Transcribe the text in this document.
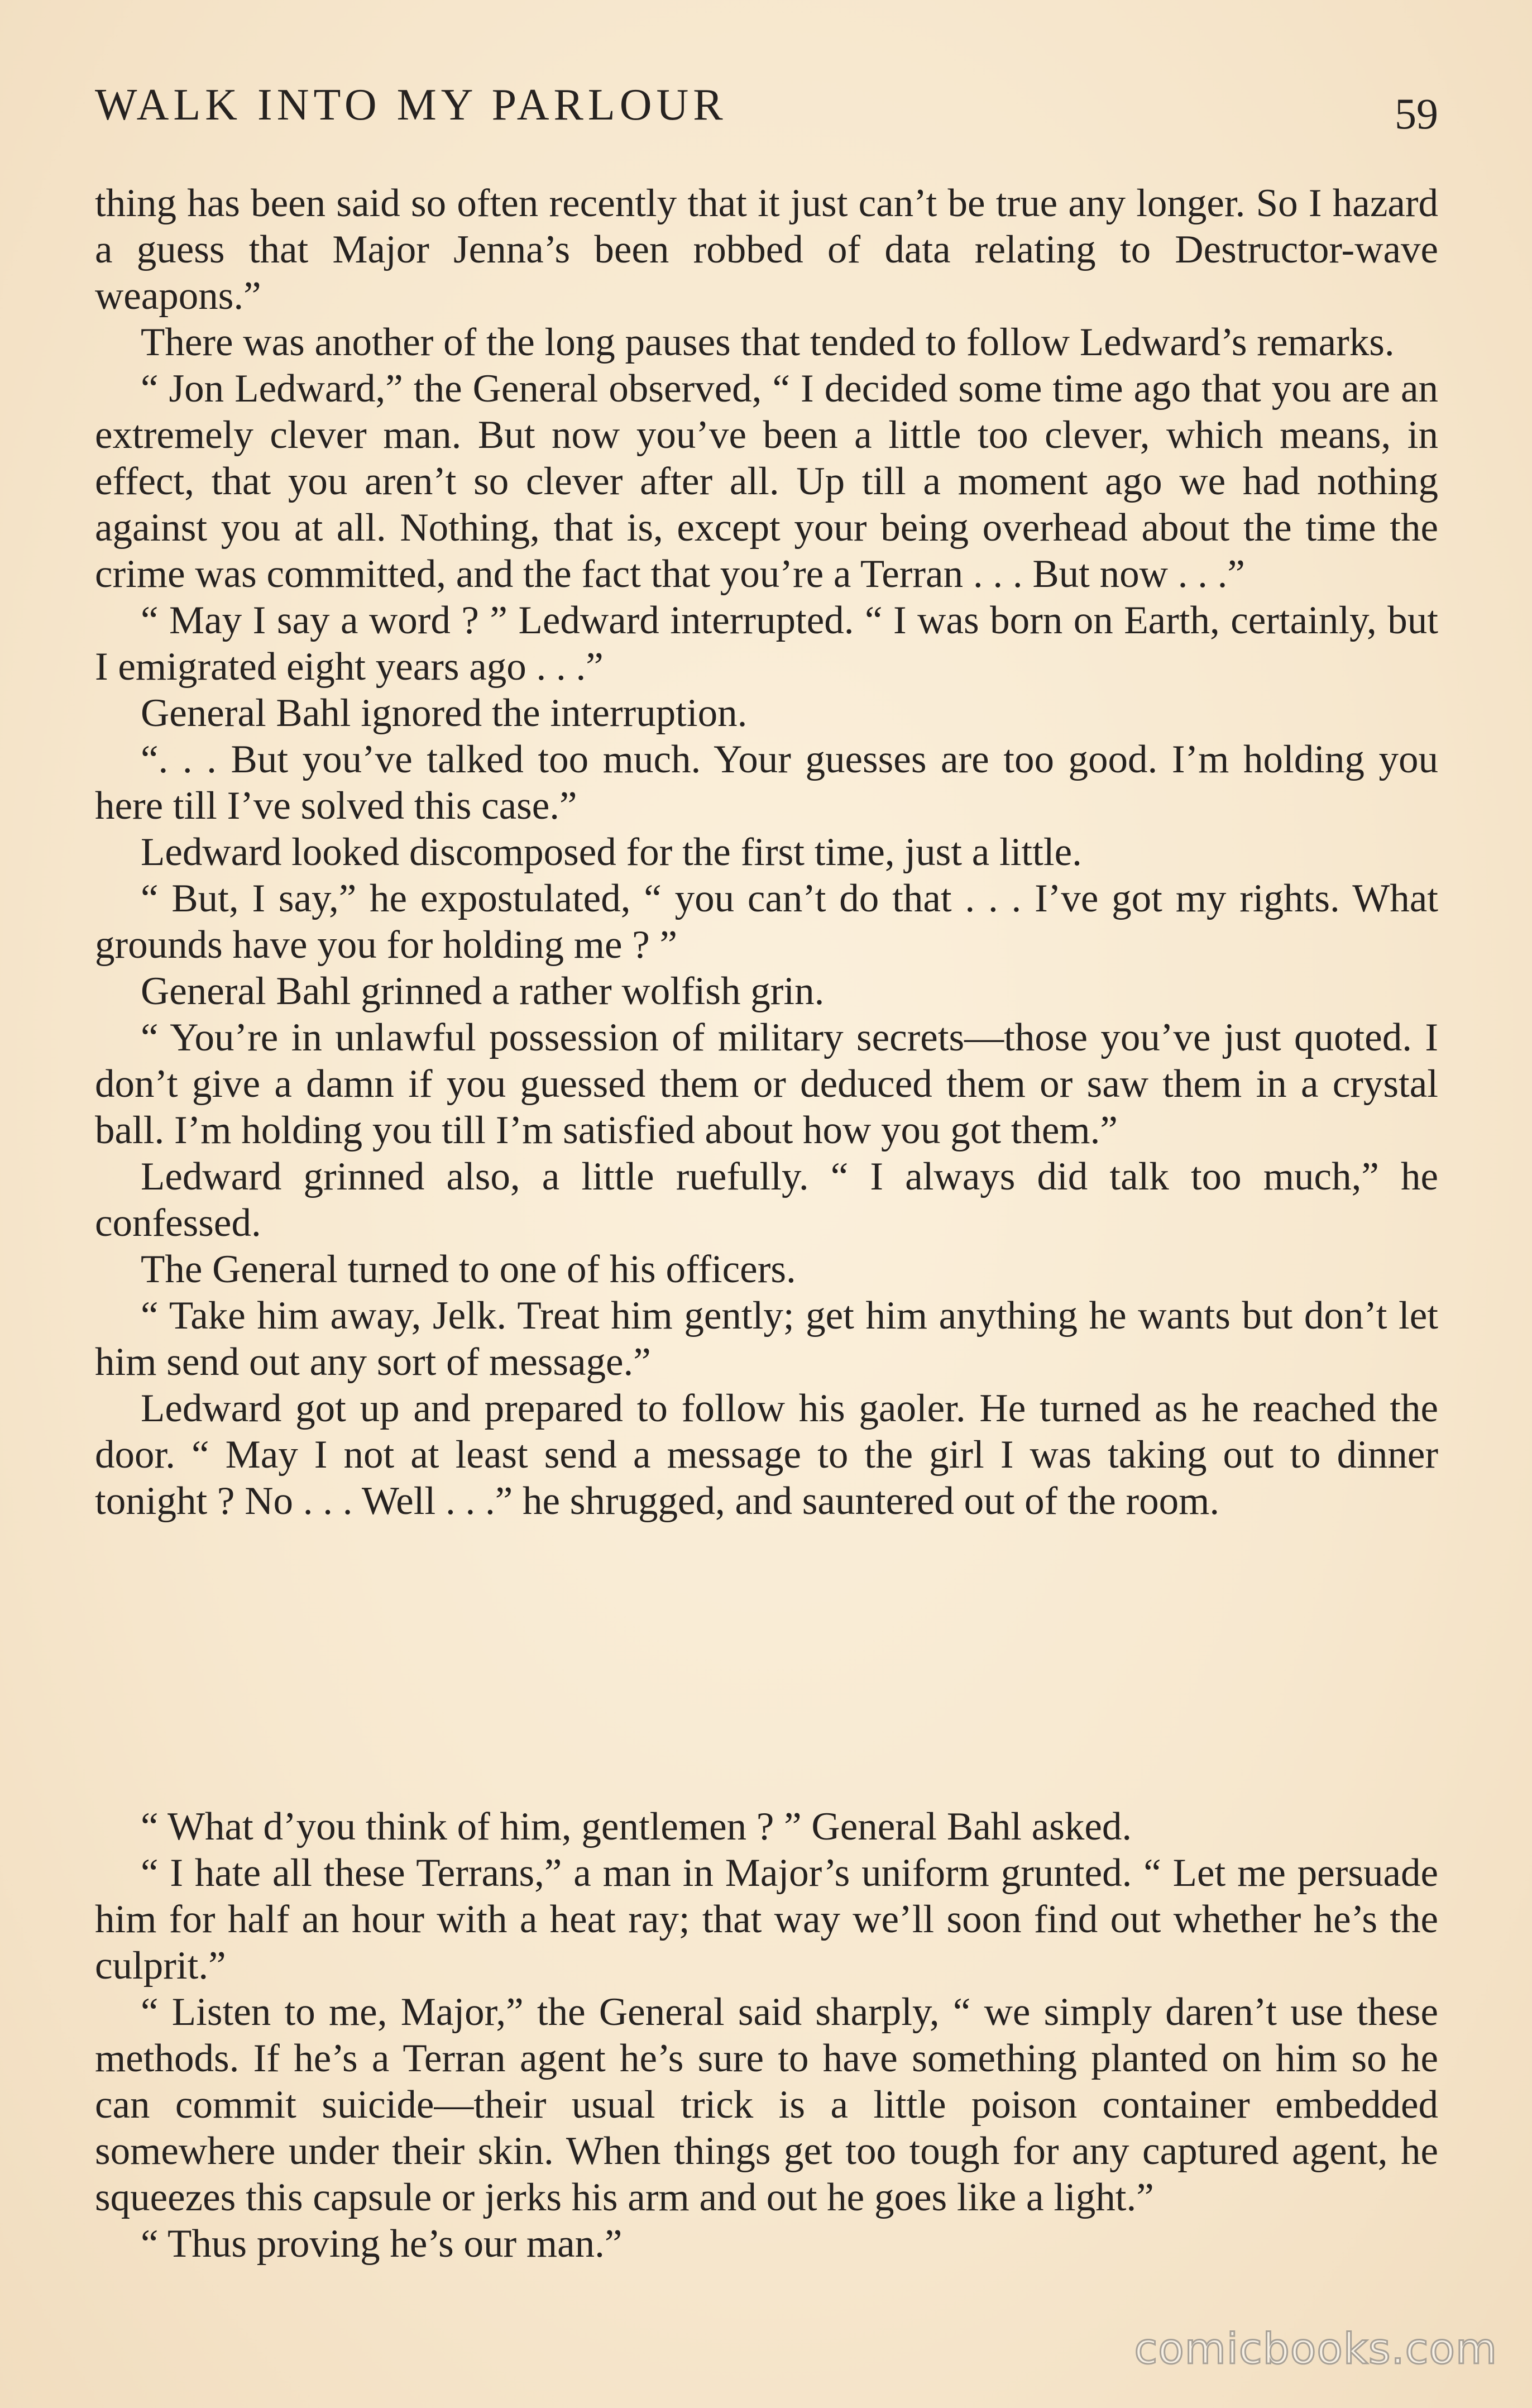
WALK INTO MY PARLOUR	59

thing has been said so often recently that it just can’t be true any longer. So I hazard a guess that Major Jenna’s been robbed of data relating to Destructor-wave weapons.”

There was another of the long pauses that tended to follow Ledward’s remarks.

“ Jon Ledward,” the General observed, “ I decided some time ago that you are an extremely clever man. But now you’ve been a little too clever, which means, in effect, that you aren’t so clever after all. Up till a moment ago we had nothing against you at all. Nothing, that is, except your being overhead about the time the crime was committed, and the fact that you’re a Terran . . . But now . . .”

“ May I say a word ? ” Ledward interrupted. “ I was born on Earth, certainly, but I emigrated eight years ago . . .”

General Bahl ignored the interruption.

“. . . But you’ve talked too much. Your guesses are too good. I’m holding you here till I’ve solved this case.”

Ledward looked discomposed for the first time, just a little.

“ But, I say,” he expostulated, “ you can’t do that . . . I’ve got my rights. What grounds have you for holding me ? ”

General Bahl grinned a rather wolfish grin.

“ You’re in unlawful possession of military secrets—those you’ve just quoted. I don’t give a damn if you guessed them or deduced them or saw them in a crystal ball. I’m holding you till I’m satisfied about how you got them.”

Ledward grinned also, a little ruefully. “ I always did talk too much,” he confessed.

The General turned to one of his officers.

“ Take him away, Jelk. Treat him gently; get him anything he wants but don’t let him send out any sort of message.”

Ledward got up and prepared to follow his gaoler. He turned as he reached the door. “ May I not at least send a message to the girl I was taking out to dinner tonight ? No . . . Well . . .” he shrugged, and sauntered out of the room.

“ What d’you think of him, gentlemen ? ” General Bahl asked.

“ I hate all these Terrans,” a man in Major’s uniform grunted. “ Let me persuade him for half an hour with a heat ray; that way we’ll soon find out whether he’s the culprit.”

“ Listen to me, Major,” the General said sharply, “ we simply daren’t use these methods. If he’s a Terran agent he’s sure to have something planted on him so he can commit suicide—their usual trick is a little poison container embedded somewhere under their skin. When things get too tough for any captured agent, he squeezes this capsule or jerks his arm and out he goes like a light.”

“ Thus proving he’s our man.”

comicbooks.com
